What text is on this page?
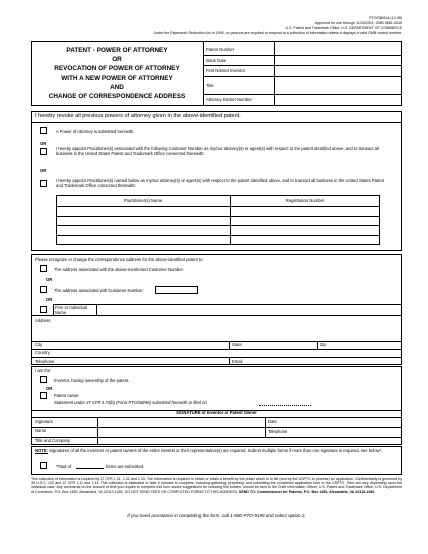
PTO/SB/81A (12-08)
Approved for use through 11/30/2011. OMB 0651-0035
U.S. Patent and Trademark Office; U.S. DEPARTMENT OF COMMERCE
Under the Paperwork Reduction Act of 1995, no persons are required to respond to a collection of information unless it displays a valid OMB control number.
PATENT - POWER OF ATTORNEY
OR
REVOCATION OF POWER OF ATTORNEY
WITH A NEW POWER OF ATTORNEY
AND
CHANGE OF CORRESPONDENCE ADDRESS
Patent Number
Issue Date
First Named Inventor
Title
Attorney Docket Number
I hereby revoke all previous powers of attorney given in the above-identified patent.
A Power of Attorney is submitted herewith.
OR
I hereby appoint Practitioner(s) associated with the following Customer Number as my/our attorney(s) or agent(s) with respect to the patent identified above, and to transact all business in the United States Patent and Trademark Office connected therewith:
OR
I hereby appoint Practitioner(s) named below as my/our attorney(s) or agent(s) with respect to the patent identified above, and to transact all business in the United States Patent and Trademark Office connected therewith:
Practitioner(s) Name	Registration Number
Please recognize or change the correspondence address for the above-identified patent to:
The address associated with the above-mentioned Customer Number.
OR
The address associated with Customer Number:
OR
Firm or Individual Name
Address
City	State	Zip
Country
Telephone	Email
I am the:
Inventor, having ownership of the patent.
OR
Patent owner.
Statement under 37 CFR 3.73(b) (Form PTO/SB/96) submitted herewith or filed on	.
SIGNATURE of Inventor or Patent Owner
Signature	Date
Name	Telephone
Title and Company
NOTE: Signatures of all the inventors or patent owners of the entire interest or their representative(s) are required. Submit multiple forms if more than one signature is required, see below*.
*Total of	forms are submitted.
This collection of information is required by 37 CFR 1.31, 1.32 and 1.33. The information is required to obtain or retain a benefit by the public which is to file (and by the USPTO to process) an application. Confidentiality is governed by 35 U.S.C. 122 and 37 CFR 1.11 and 1.14. This collection is estimated to take 3 minutes to complete, including gathering, preparing, and submitting the completed application form to the USPTO. Time will vary depending upon the individual case. Any comments on the amount of time you require to complete this form and/or suggestions for reducing this burden, should be sent to the Chief Information Officer, U.S. Patent and Trademark Office, U.S. Department of Commerce, P.O. Box 1450, Alexandria, VA 22313-1450. DO NOT SEND FEES OR COMPLETED FORMS TO THIS ADDRESS. SEND TO: Commissioner for Patents, P.O. Box 1450, Alexandria, VA 22313-1450.
If you need assistance in completing the form, call 1-800-PTO-9199 and select option 2.
